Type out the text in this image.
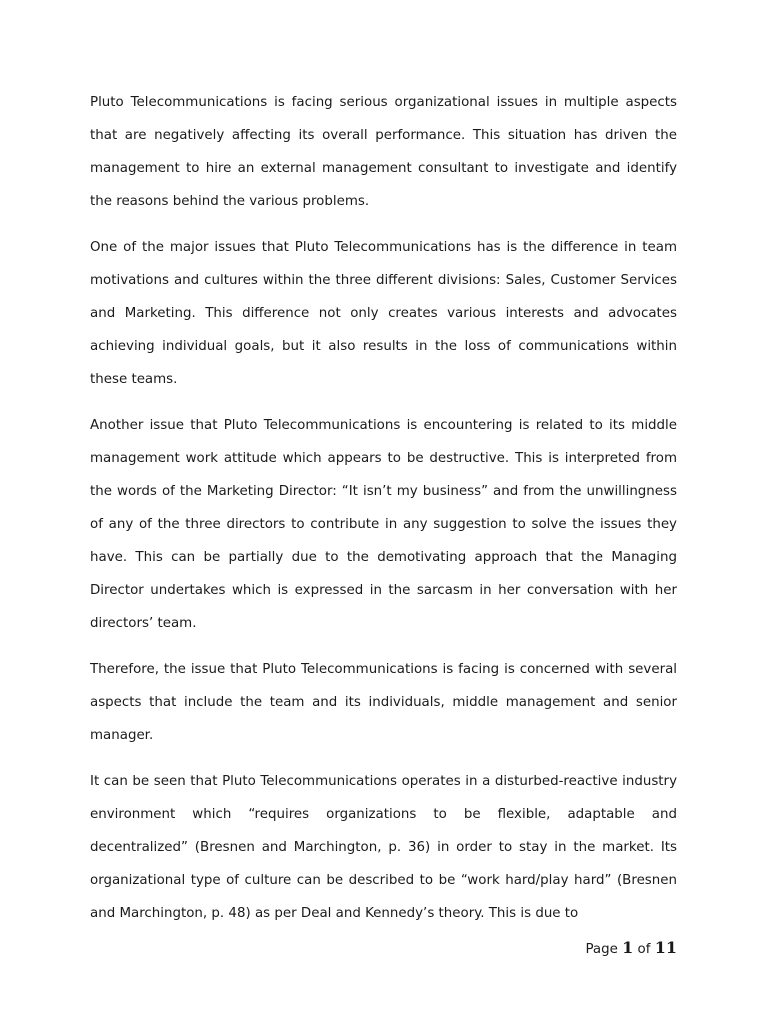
Pluto Telecommunications is facing serious organizational issues in multiple aspects that are negatively affecting its overall performance. This situation has driven the management to hire an external management consultant to investigate and identify the reasons behind the various problems.

One of the major issues that Pluto Telecommunications has is the difference in team motivations and cultures within the three different divisions: Sales, Customer Services and Marketing. This difference not only creates various interests and advocates achieving individual goals, but it also results in the loss of communications within these teams.

Another issue that Pluto Telecommunications is encountering is related to its middle management work attitude which appears to be destructive. This is interpreted from the words of the Marketing Director: “It isn’t my business” and from the unwillingness of any of the three directors to contribute in any suggestion to solve the issues they have. This can be partially due to the demotivating approach that the Managing Director undertakes which is expressed in the sarcasm in her conversation with her directors’ team.

Therefore, the issue that Pluto Telecommunications is facing is concerned with several aspects that include the team and its individuals, middle management and senior manager.

It can be seen that Pluto Telecommunications operates in a disturbed-reactive industry environment which “requires organizations to be flexible, adaptable and decentralized” (Bresnen and Marchington, p. 36) in order to stay in the market. Its organizational type of culture can be described to be “work hard/play hard” (Bresnen and Marchington, p. 48) as per Deal and Kennedy’s theory. This is due to

Page 1 of 11
